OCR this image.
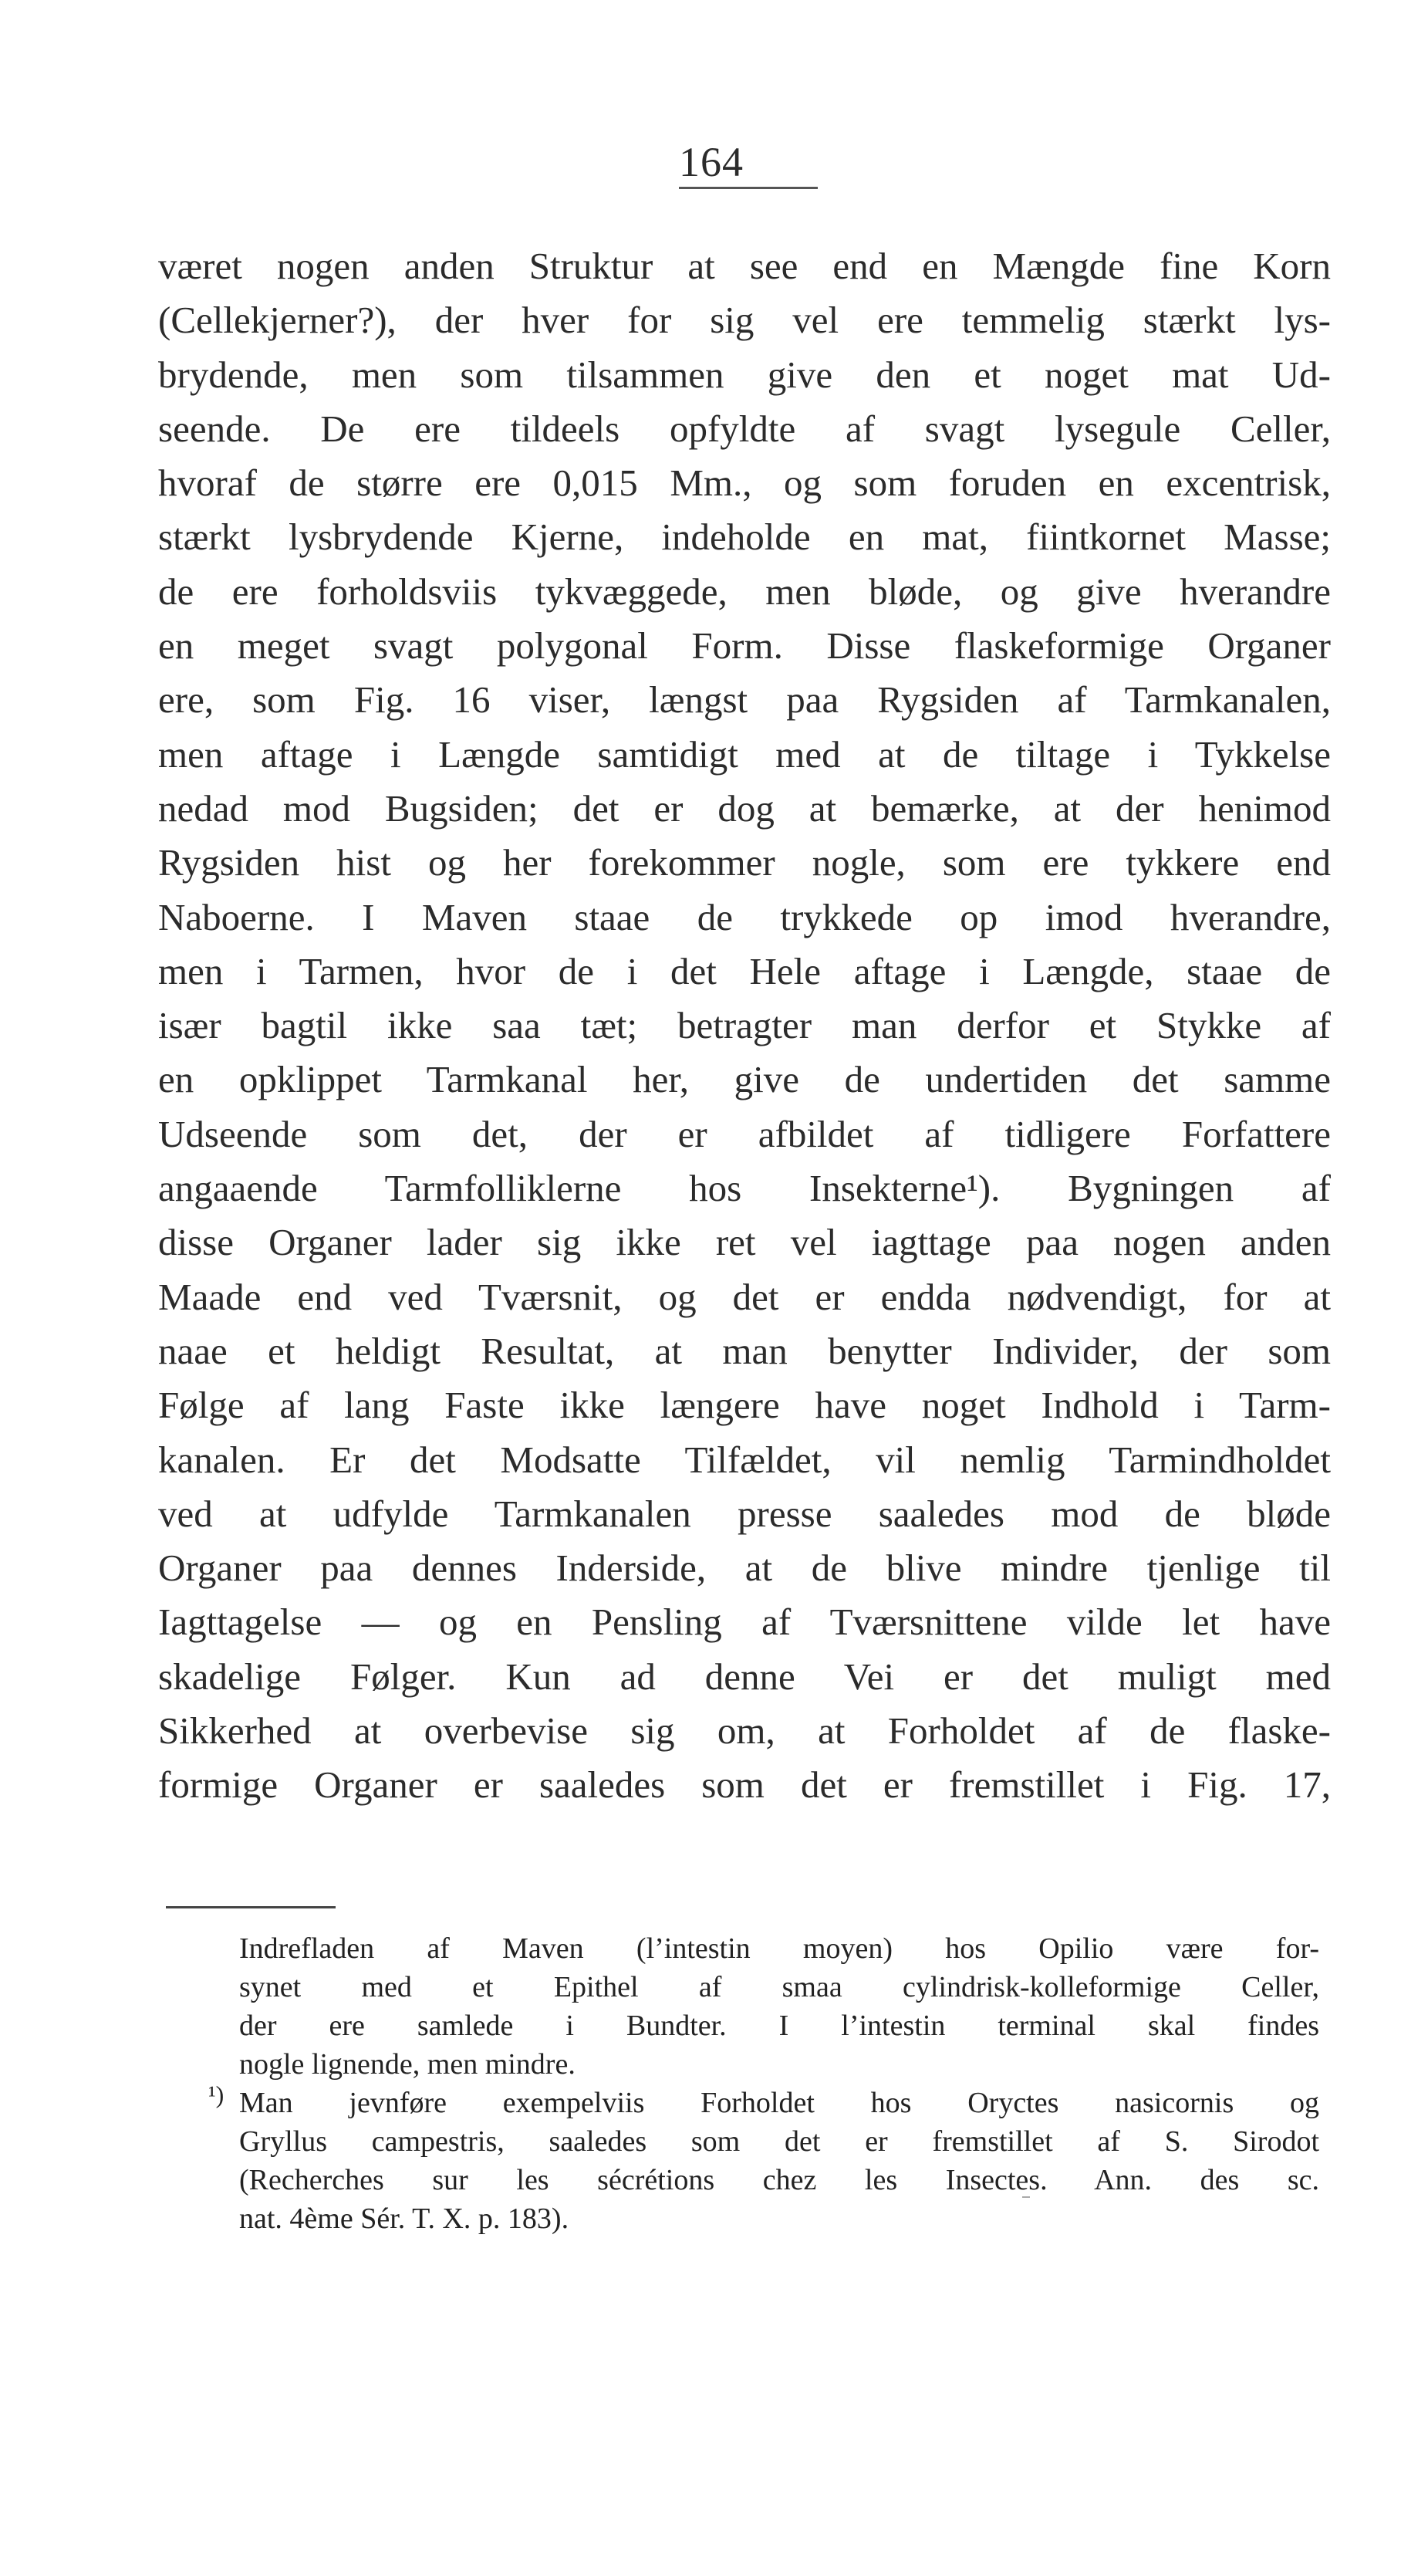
164
været nogen anden Struktur at see end en Mængde fine Korn
(Cellekjerner?), der hver for sig vel ere temmelig stærkt lys-
brydende, men som tilsammen give den et noget mat Ud-
seende. De ere tildeels opfyldte af svagt lysegule Celler,
hvoraf de større ere 0,015 Mm., og som foruden en excentrisk,
stærkt lysbrydende Kjerne, indeholde en mat, fiintkornet Masse;
de ere forholdsviis tykvæggede, men bløde, og give hverandre
en meget svagt polygonal Form. Disse flaskeformige Organer
ere, som Fig. 16 viser, længst paa Rygsiden af Tarmkanalen,
men aftage i Længde samtidigt med at de tiltage i Tykkelse
nedad mod Bugsiden; det er dog at bemærke, at der henimod
Rygsiden hist og her forekommer nogle, som ere tykkere end
Naboerne. I Maven staae de trykkede op imod hverandre,
men i Tarmen, hvor de i det Hele aftage i Længde, staae de
især bagtil ikke saa tæt; betragter man derfor et Stykke af
en opklippet Tarmkanal her, give de undertiden det samme
Udseende som det, der er afbildet af tidligere Forfattere
angaaende Tarmfolliklerne hos Insekterne¹). Bygningen af
disse Organer lader sig ikke ret vel iagttage paa nogen anden
Maade end ved Tværsnit, og det er endda nødvendigt, for at
naae et heldigt Resultat, at man benytter Individer, der som
Følge af lang Faste ikke længere have noget Indhold i Tarm-
kanalen. Er det Modsatte Tilfældet, vil nemlig Tarmindholdet
ved at udfylde Tarmkanalen presse saaledes mod de bløde
Organer paa dennes Inderside, at de blive mindre tjenlige til
Iagttagelse — og en Pensling af Tværsnittene vilde let have
skadelige Følger. Kun ad denne Vei er det muligt med
Sikkerhed at overbevise sig om, at Forholdet af de flaske-
formige Organer er saaledes som det er fremstillet i Fig. 17,
Indrefladen af Maven (l’intestin moyen) hos Opilio være for-
synet med et Epithel af smaa cylindrisk-kolleformige Celler,
der ere samlede i Bundter. I l’intestin terminal skal findes
nogle lignende, men mindre.
¹) Man jevnføre exempelviis Forholdet hos Oryctes nasicornis og
Gryllus campestris, saaledes som det er fremstillet af S. Sirodot
(Recherches sur les sécrétions chez les Insectes. Ann. des sc.
nat. 4ème Sér. T. X. p. 183).
